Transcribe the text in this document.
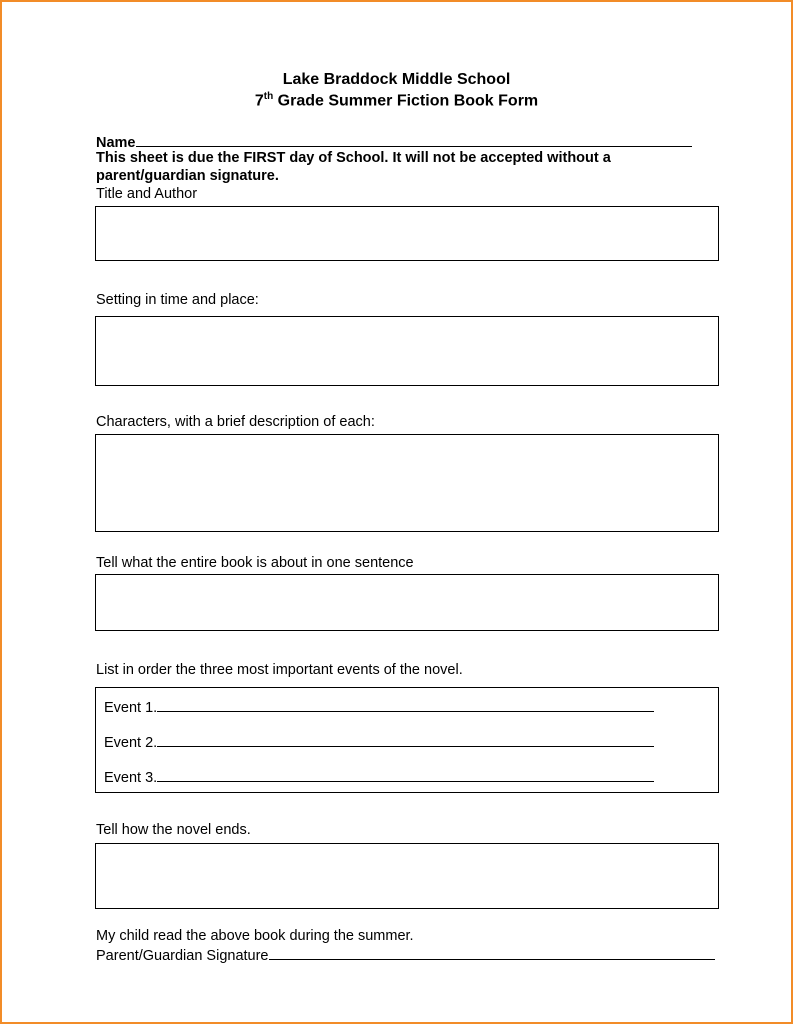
Lake Braddock Middle School
7th Grade Summer Fiction Book Form
Name
This sheet is due the FIRST day of School. It will not be accepted without a
parent/guardian signature.
Title and Author
Setting in time and place:
Characters, with a brief description of each:
Tell what the entire book is about in one sentence
List in order the three most important events of the novel.
Event 1.
Event 2.
Event 3.
Tell how the novel ends.
My child read the above book during the summer.
Parent/Guardian Signature
